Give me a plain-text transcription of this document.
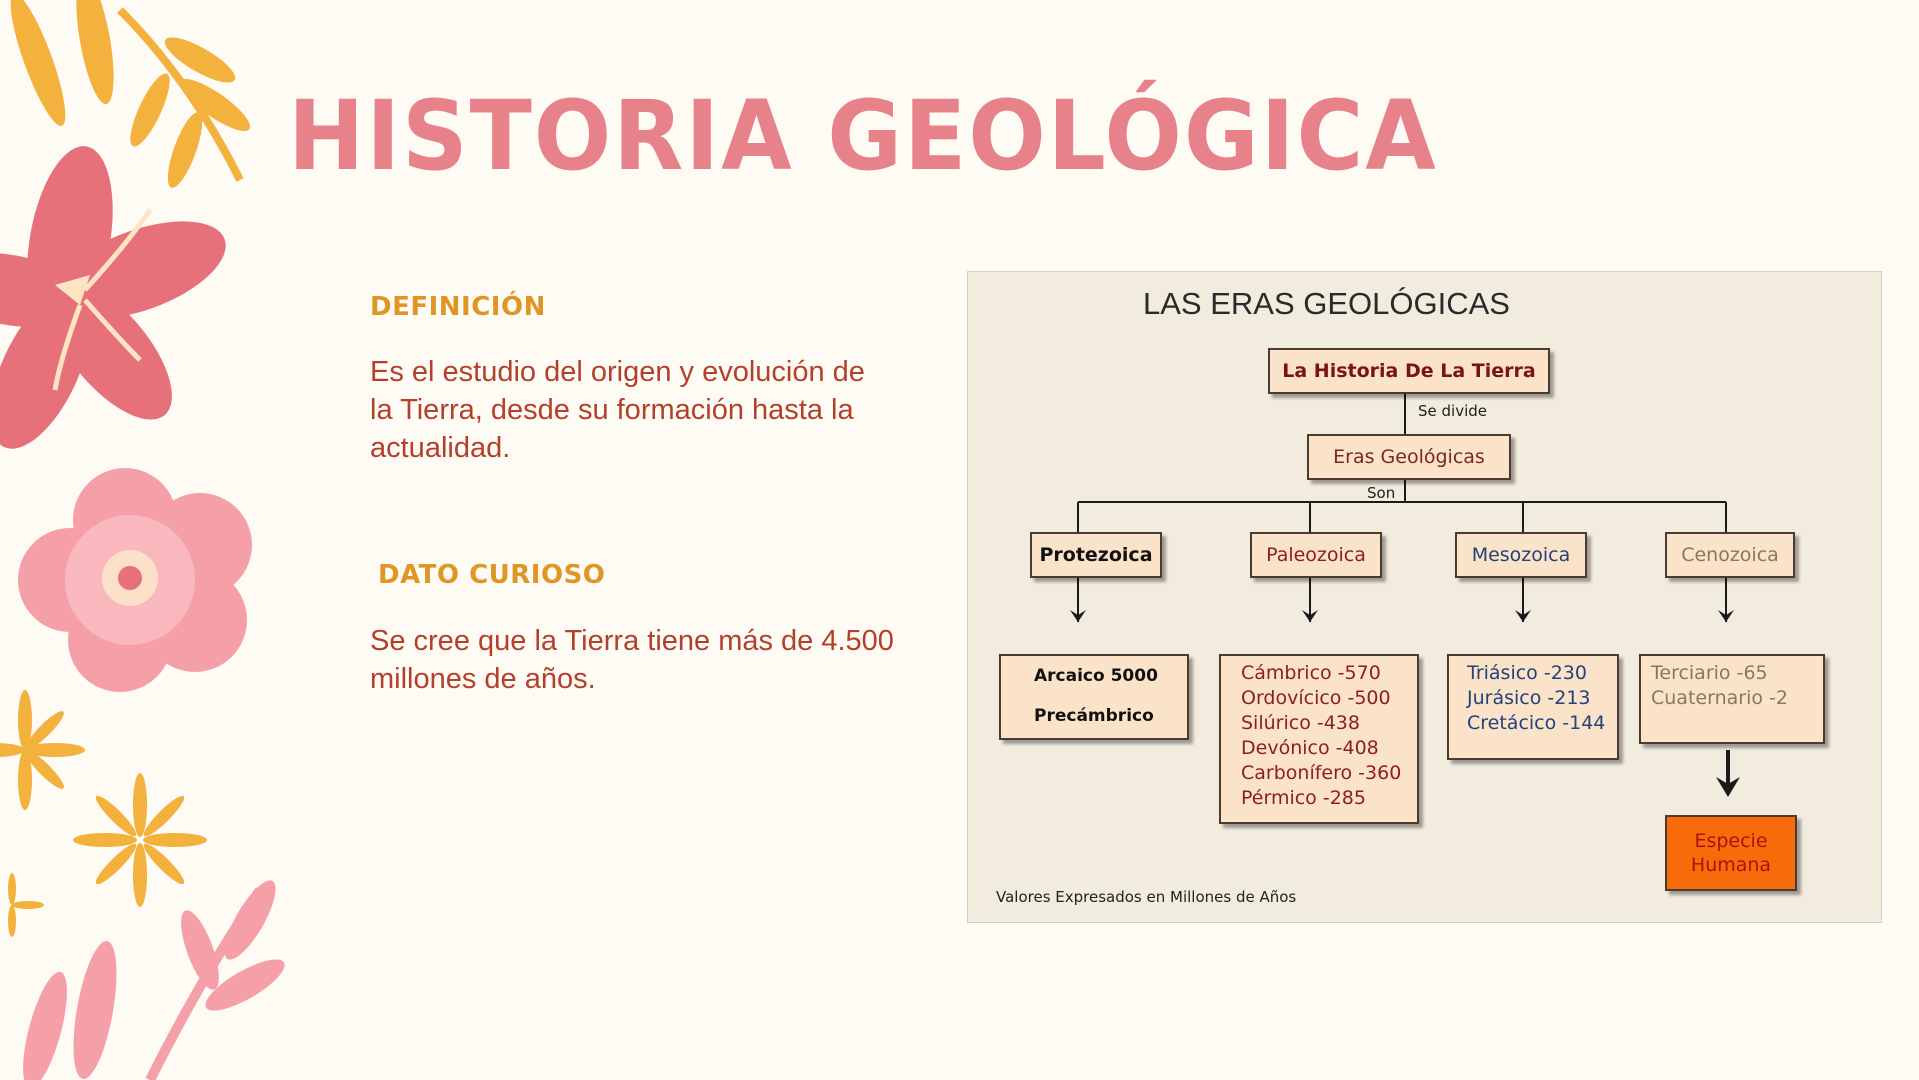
HISTORIA GEOLÓGICA
DEFINICIÓN

Es el estudio del origen y evolución de la Tierra, desde su formación hasta la actualidad.

DATO CURIOSO

Se cree que la Tierra tiene más de 4.500 millones de años.

LAS ERAS GEOLÓGICAS
La Historia De La Tierra
Se divide
Eras Geológicas
Son
Protezoica	Paleozoica	Mesozoica	Cenozoica
Arcaico 5000
Precámbrico
Cámbrico -570
Ordovícico -500
Silúrico -438
Devónico -408
Carbonífero -360
Pérmico -285
Triásico -230
Jurásico -213
Cretácico -144
Terciario -65
Cuaternario -2
Especie Humana
Valores Expresados en Millones de Años
